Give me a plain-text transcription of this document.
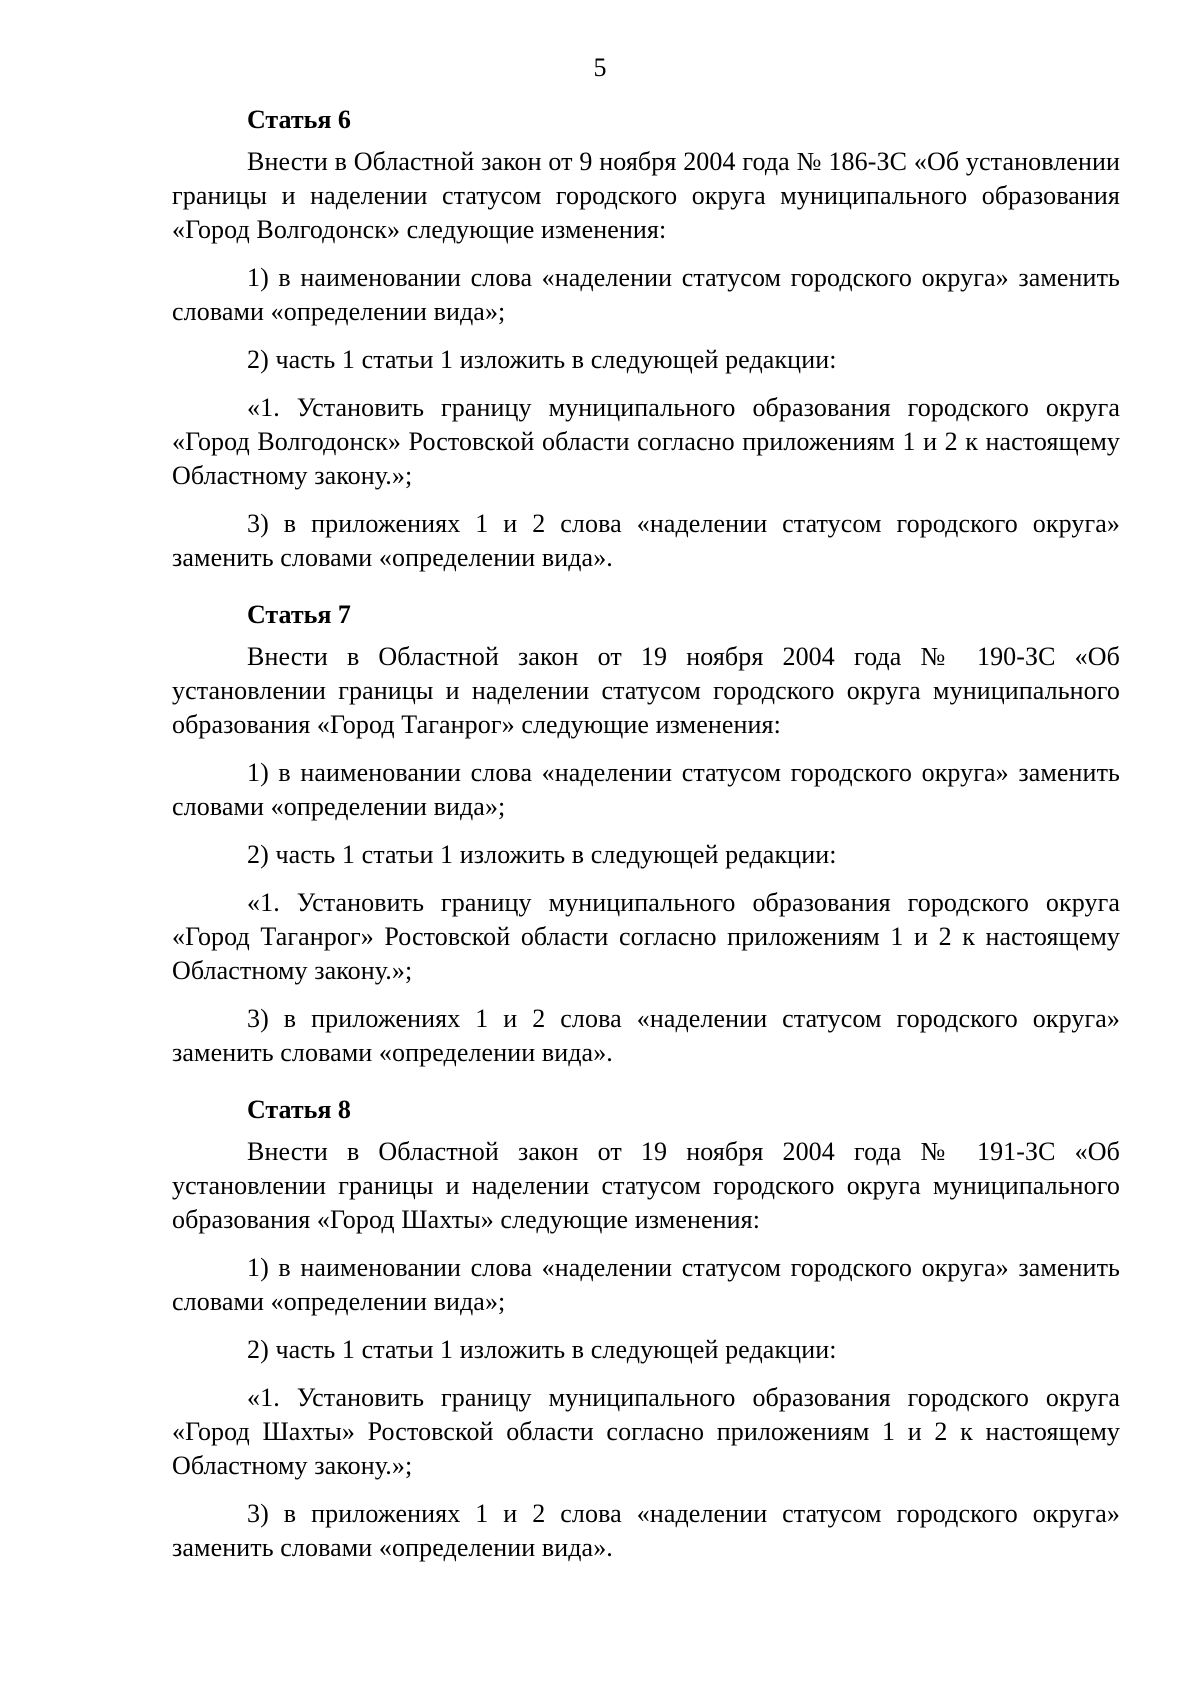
5
Статья 6

Внести в Областной закон от 9 ноября 2004 года № 186-ЗС «Об установлении границы и наделении статусом городского округа муниципального образования «Город Волгодонск» следующие изменения:

1) в наименовании слова «наделении статусом городского округа» заменить словами «определении вида»;

2) часть 1 статьи 1 изложить в следующей редакции:

«1. Установить границу муниципального образования городского округа «Город Волгодонск» Ростовской области согласно приложениям 1 и 2 к настоящему Областному закону.»;

3) в приложениях 1 и 2 слова «наделении статусом городского округа» заменить словами «определении вида».

Статья 7

Внести в Областной закон от 19 ноября 2004 года № 190-ЗС «Об установлении границы и наделении статусом городского округа муниципального образования «Город Таганрог» следующие изменения:

1) в наименовании слова «наделении статусом городского округа» заменить словами «определении вида»;

2) часть 1 статьи 1 изложить в следующей редакции:

«1. Установить границу муниципального образования городского округа «Город Таганрог» Ростовской области согласно приложениям 1 и 2 к настоящему Областному закону.»;

3) в приложениях 1 и 2 слова «наделении статусом городского округа» заменить словами «определении вида».

Статья 8

Внести в Областной закон от 19 ноября 2004 года № 191-ЗС «Об установлении границы и наделении статусом городского округа муниципального образования «Город Шахты» следующие изменения:

1) в наименовании слова «наделении статусом городского округа» заменить словами «определении вида»;

2) часть 1 статьи 1 изложить в следующей редакции:

«1. Установить границу муниципального образования городского округа «Город Шахты» Ростовской области согласно приложениям 1 и 2 к настоящему Областному закону.»;

3) в приложениях 1 и 2 слова «наделении статусом городского округа» заменить словами «определении вида».
